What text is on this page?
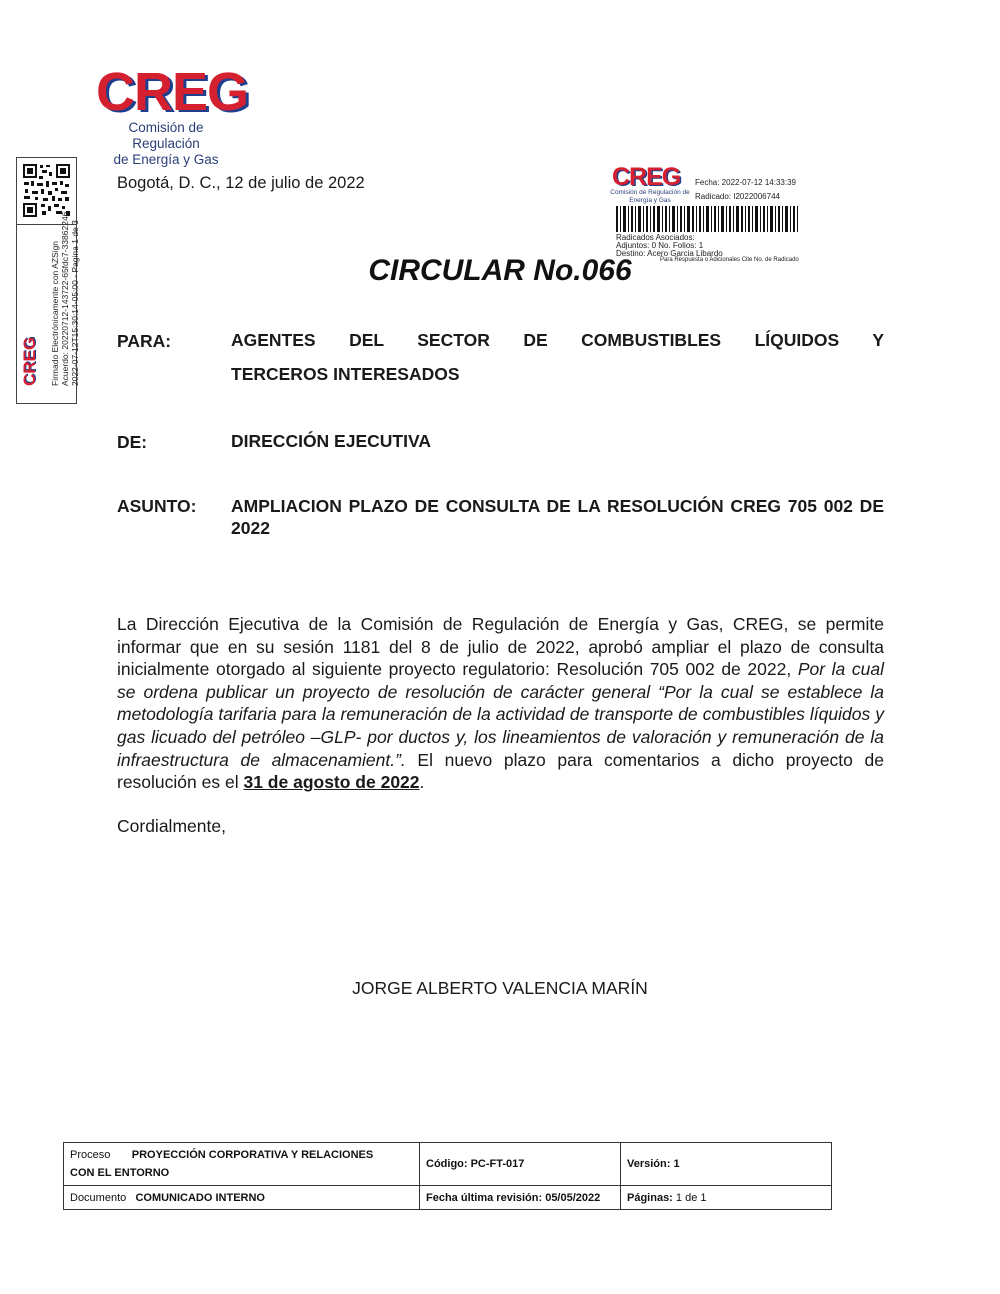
CREG
Comisión de Regulación
de Energía y Gas
Firmado Electrónicamente con AZSign Acuerdo: 20220712-143722-65fdc7-33862246 2022-07-12T15:30:14-05:00 - Pagina 1 de 3
CREG
Bogotá, D. C., 12 de julio de 2022	CREG
Comisión de Regulación de Energía y Gas
Fecha: 2022-07-12 14:33:39
Radicado: I2022006744
Radicados Asociados:
Adjuntos: 0 No. Folios: 1
Destino: Acero Garcia Libardo
Para Respuesta o Adicionales Cite No. de Radicado
CIRCULAR No.066
PARA:	AGENTES DEL SECTOR DE COMBUSTIBLES LÍQUIDOS Y
TERCEROS INTERESADOS
DE:	DIRECCIÓN EJECUTIVA
ASUNTO: AMPLIACION PLAZO DE CONSULTA DE LA RESOLUCIÓN CREG 705 002 DE 2022
La Dirección Ejecutiva de la Comisión de Regulación de Energía y Gas, CREG, se permite informar que en su sesión 1181 del 8 de julio de 2022, aprobó ampliar el plazo de consulta inicialmente otorgado al siguiente proyecto regulatorio: Resolución 705 002 de 2022, Por la cual se ordena publicar un proyecto de resolución de carácter general “Por la cual se establece la metodología tarifaria para la remuneración de la actividad de transporte de combustibles líquidos y gas licuado del petróleo –GLP- por ductos y, los lineamientos de valoración y remuneración de la infraestructura de almacenamient.”. El nuevo plazo para comentarios a dicho proyecto de resolución es el 31 de agosto de 2022.
Cordialmente,
JORGE ALBERTO VALENCIA MARÍN
Proceso PROYECCIÓN CORPORATIVA Y RELACIONES
CON EL ENTORNO	Código: PC-FT-017	Versión: 1
Documento COMUNICADO INTERNO	Fecha última revisión: 05/05/2022	Páginas: 1 de 1
